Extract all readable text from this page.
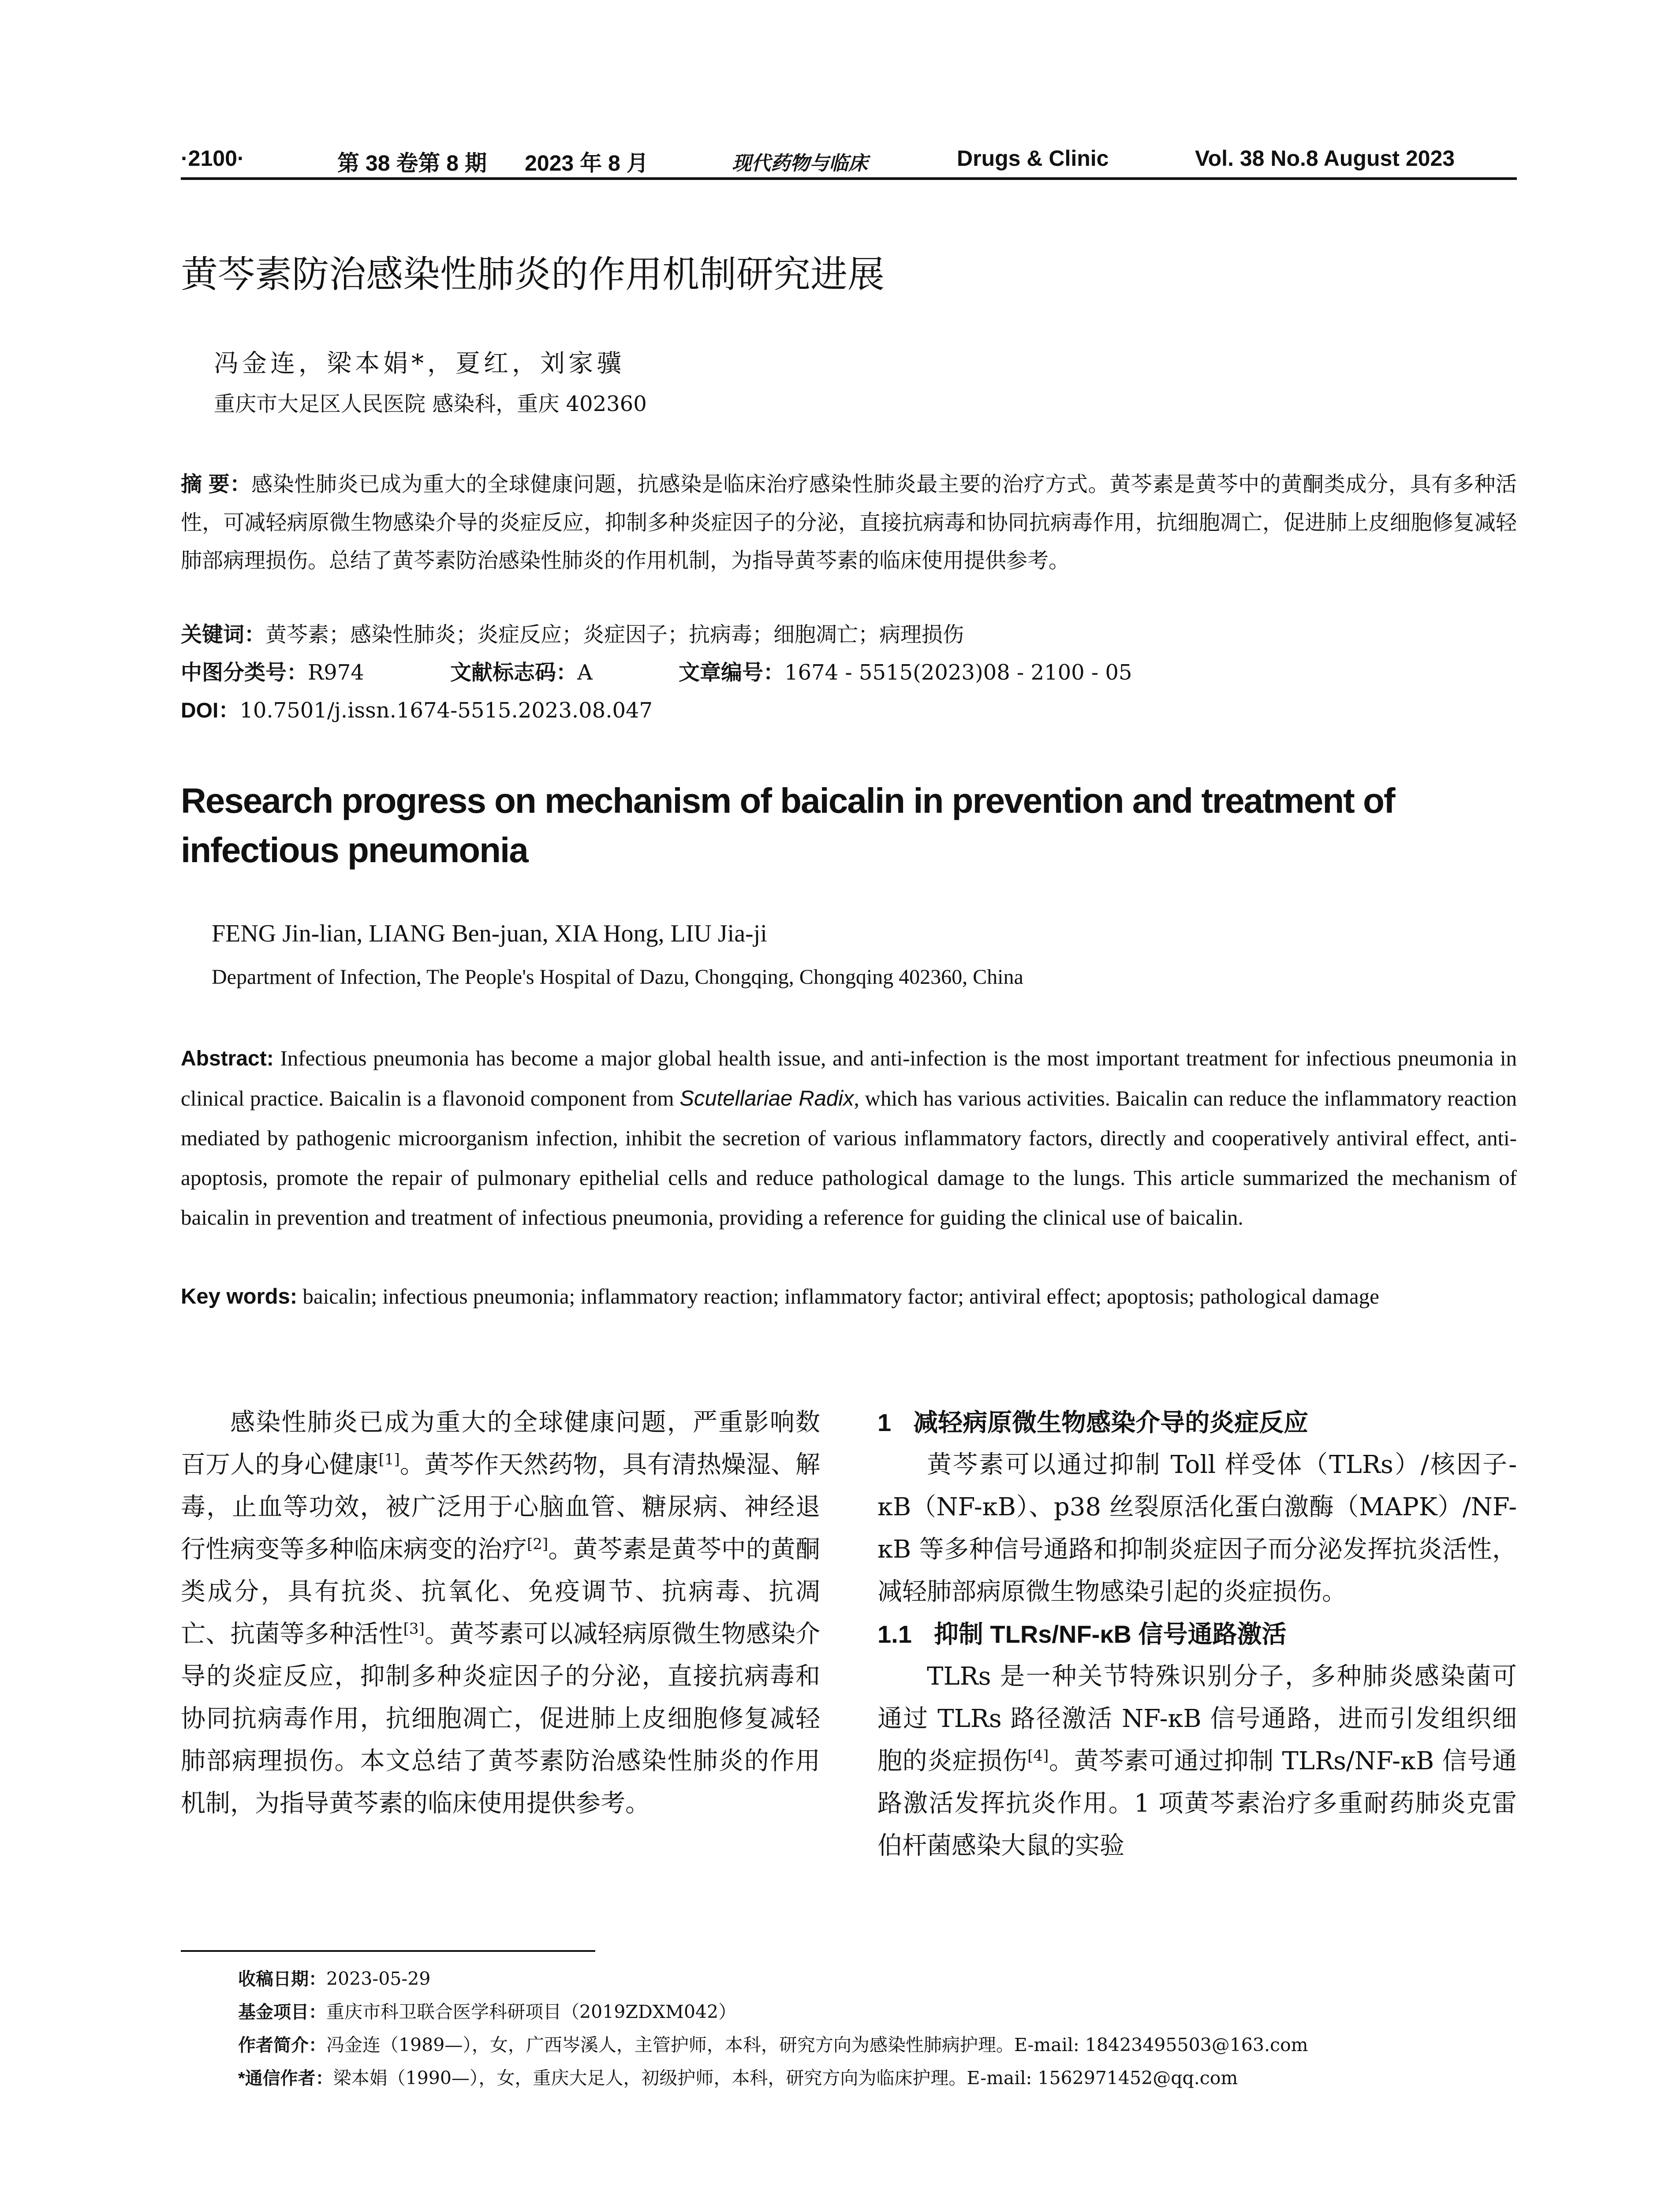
·2100·	第 38 卷第 8 期 2023 年 8 月	现代药物与临床	Drugs & Clinic	Vol. 38 No.8 August 2023
黄芩素防治感染性肺炎的作用机制研究进展
冯金连，梁本娟*，夏红，刘家骥
重庆市大足区人民医院 感染科，重庆 402360
摘 要：感染性肺炎已成为重大的全球健康问题，抗感染是临床治疗感染性肺炎最主要的治疗方式。黄芩素是黄芩中的黄酮类成分，具有多种活性，可减轻病原微生物感染介导的炎症反应，抑制多种炎症因子的分泌，直接抗病毒和协同抗病毒作用，抗细胞凋亡，促进肺上皮细胞修复减轻肺部病理损伤。总结了黄芩素防治感染性肺炎的作用机制，为指导黄芩素的临床使用提供参考。
关键词：黄芩素；感染性肺炎；炎症反应；炎症因子；抗病毒；细胞凋亡；病理损伤
中图分类号：R974	文献标志码：A	文章编号：1674 - 5515(2023)08 - 2100 - 05
DOI：10.7501/j.issn.1674-5515.2023.08.047
Research progress on mechanism of baicalin in prevention and treatment of infectious pneumonia
FENG Jin-lian, LIANG Ben-juan, XIA Hong, LIU Jia-ji
Department of Infection, The People's Hospital of Dazu, Chongqing, Chongqing 402360, China
Abstract: Infectious pneumonia has become a major global health issue, and anti-infection is the most important treatment for infectious pneumonia in clinical practice. Baicalin is a flavonoid component from Scutellariae Radix, which has various activities. Baicalin can reduce the inflammatory reaction mediated by pathogenic microorganism infection, inhibit the secretion of various inflammatory factors, directly and cooperatively antiviral effect, anti-apoptosis, promote the repair of pulmonary epithelial cells and reduce pathological damage to the lungs. This article summarized the mechanism of baicalin in prevention and treatment of infectious pneumonia, providing a reference for guiding the clinical use of baicalin.
Key words: baicalin; infectious pneumonia; inflammatory reaction; inflammatory factor; antiviral effect; apoptosis; pathological damage

感染性肺炎已成为重大的全球健康问题，严重影响数百万人的身心健康[1]。黄芩作天然药物，具有清热燥湿、解毒，止血等功效，被广泛用于心脑血管、糖尿病、神经退行性病变等多种临床病变的治疗[2]。黄芩素是黄芩中的黄酮类成分，具有抗炎、抗氧化、免疫调节、抗病毒、抗凋亡、抗菌等多种活性[3]。黄芩素可以减轻病原微生物感染介导的炎症反应，抑制多种炎症因子的分泌，直接抗病毒和协同抗病毒作用，抗细胞凋亡，促进肺上皮细胞修复减轻肺部病理损伤。本文总结了黄芩素防治感染性肺炎的作用机制，为指导黄芩素的临床使用提供参考。

1 减轻病原微生物感染介导的炎症反应

黄芩素可以通过抑制 Toll 样受体（TLRs）/核因子-κB（NF-κB）、p38 丝裂原活化蛋白激酶（MAPK）/NF-κB 等多种信号通路和抑制炎症因子而分泌发挥抗炎活性，减轻肺部病原微生物感染引起的炎症损伤。

1.1 抑制 TLRs/NF-κB 信号通路激活

TLRs 是一种关节特殊识别分子，多种肺炎感染菌可通过 TLRs 路径激活 NF-κB 信号通路，进而引发组织细胞的炎症损伤[4]。黄芩素可通过抑制 TLRs/NF-κB 信号通路激活发挥抗炎作用。1 项黄芩素治疗多重耐药肺炎克雷伯杆菌感染大鼠的实验

收稿日期：2023-05-29
基金项目：重庆市科卫联合医学科研项目（2019ZDXM042）
作者简介：冯金连（1989—），女，广西岑溪人，主管护师，本科，研究方向为感染性肺病护理。E-mail: 18423495503@163.com
*通信作者：梁本娟（1990—），女，重庆大足人，初级护师，本科，研究方向为临床护理。E-mail: 1562971452@qq.com
